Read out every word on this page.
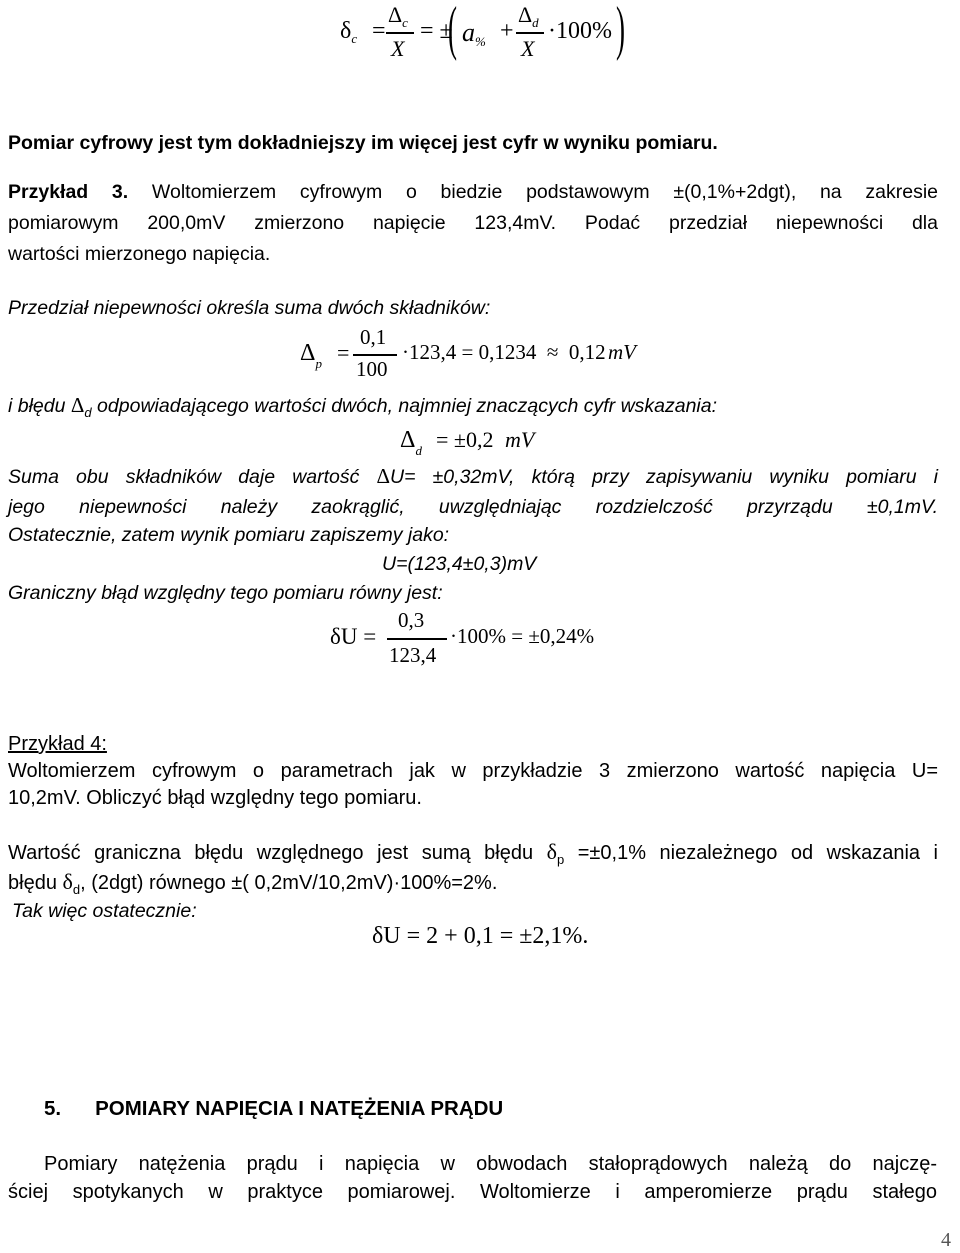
$\delta_c$ =
$\Delta_c$
X
= ±
( a% +
$\Delta_d$
X
·100% )
Pomiar cyfrowy jest tym dokładniejszy im więcej jest cyfr w wyniku pomiaru.
Przykład 3. Woltomierzem cyfrowym o biedzie podstawowym ±(0,1%+2dgt), na zakresie
pomiarowym 200,0mV zmierzono napięcie 123,4mV. Podać przedział niepewności dla
wartości mierzonego napięcia.
Przedział niepewności określa suma dwóch składników:
$\Delta_p$ =
0,1
100
·123,4 = 0,1234  ≈  0,12 mV
i błędu $\Delta_d$ odpowiadającego wartości dwóch, najmniej znaczących cyfr wskazania:
$\Delta_d = \pm 0,2$ mV
Suma obu składników daje wartość ΔU= ±0,32mV, którą przy zapisywaniu wyniku pomiaru i
jego niepewności należy zaokrąglić, uwzględniając rozdzielczość przyrządu ±0,1mV.
Ostatecznie, zatem wynik pomiaru zapiszemy jako:
U=(123,4±0,3)mV
Graniczny błąd względny tego pomiaru równy jest:
δU =
0,3
123,4
·100% = ±0,24%
Przykład 4:
Woltomierzem cyfrowym o parametrach jak w przykładzie 3 zmierzono wartość napięcia U=
10,2mV. Obliczyć błąd względny tego pomiaru.
Wartość graniczna błędu względnego jest sumą błędu $\delta_p =\pm 0,1\%$ niezależnego od wskazania i
błędu $\delta_d$, (2dgt) równego ±( 0,2mV/10,2mV)·100%=2%.
Tak więc ostatecznie:
δU = 2 + 0,1 = ±2,1%.
5. POMIARY NAPIĘCIA I NATĘŻENIA PRĄDU
Pomiary natężenia prądu i napięcia w obwodach stałoprądowych należą do najczę-
ściej spotykanych w praktyce pomiarowej. Woltomierze i amperomierze prądu stałego
4
